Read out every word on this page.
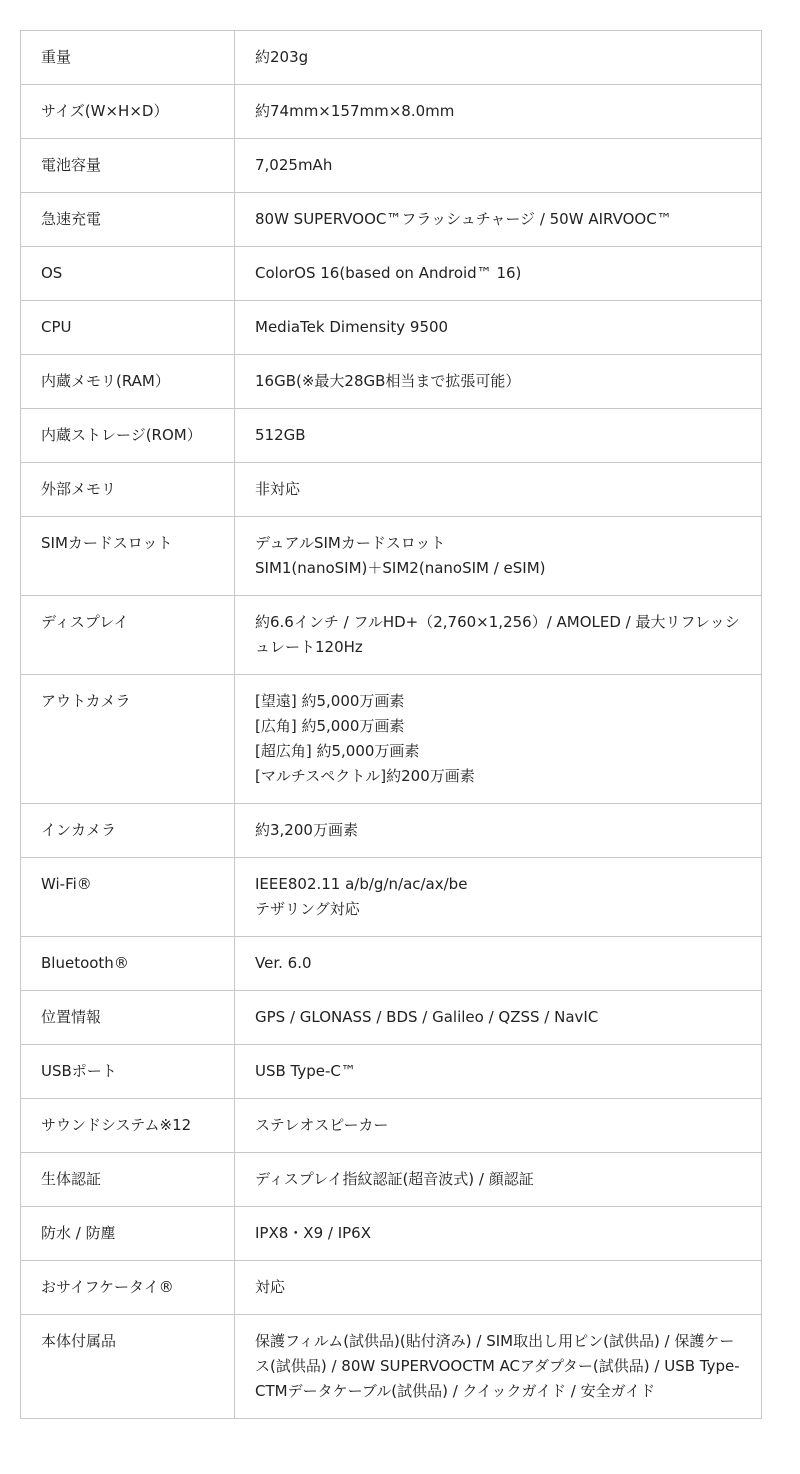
重量	約203g

サイズ(W×H×D）	約74mm×157mm×8.0mm

電池容量	7,025mAh

急速充電	80W SUPERVOOC™フラッシュチャージ / 50W AIRVOOC™

OS	ColorOS 16(based on Android™ 16)

CPU	MediaTek Dimensity 9500

内蔵メモリ(RAM）	16GB(※最大28GB相当まで拡張可能）

内蔵ストレージ(ROM）	512GB

外部メモリ	非対応

SIMカードスロット	デュアルSIMカードスロット
SIM1(nanoSIM)＋SIM2(nanoSIM / eSIM)

ディスプレイ	約6.6インチ / フルHD+（2,760×1,256）/ AMOLED / 最大リフレッシュレート120Hz

アウトカメラ	[望遠] 約5,000万画素
[広角] 約5,000万画素
[超広角] 約5,000万画素
[マルチスペクトル]約200万画素

インカメラ	約3,200万画素

Wi-Fi®	IEEE802.11 a/b/g/n/ac/ax/be
テザリング対応

Bluetooth®	Ver. 6.0

位置情報	GPS / GLONASS / BDS / Galileo / QZSS / NavIC

USBポート	USB Type-C™

サウンドシステム※12	ステレオスピーカー

生体認証	ディスプレイ指紋認証(超音波式) / 顔認証

防水 / 防塵	IPX8・X9 / IP6X

おサイフケータイ®	対応

本体付属品	保護フィルム(試供品)(貼付済み) / SIM取出し用ピン(試供品) / 保護ケース(試供品) / 80W SUPERVOOCTM ACアダプター(試供品) / USB Type-CTMデータケーブル(試供品) / クイックガイド / 安全ガイド
